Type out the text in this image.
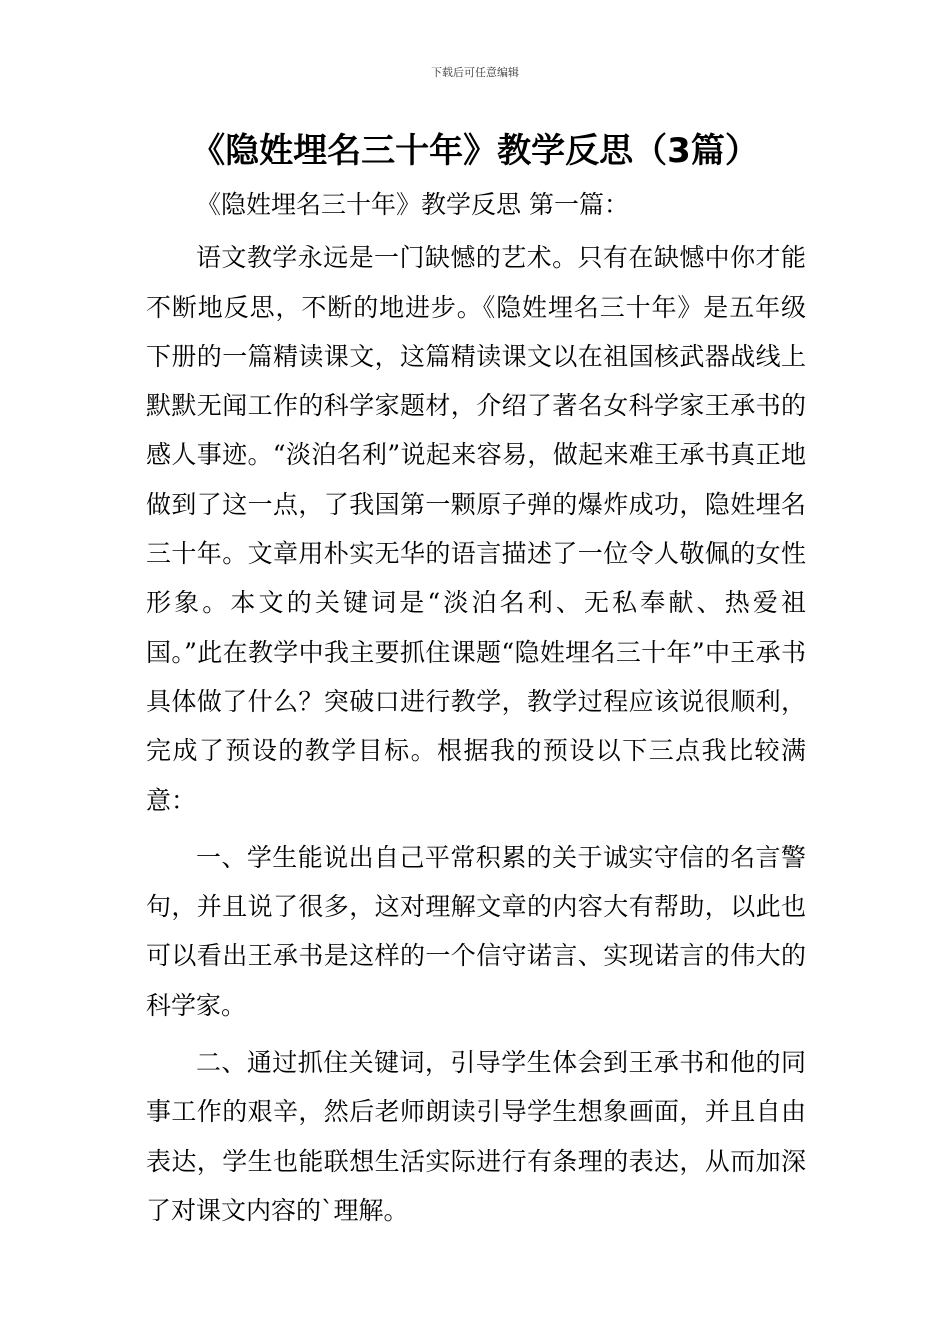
下载后可任意编辑
《隐姓埋名三十年》教学反思（3篇）

《隐姓埋名三十年》教学反思 第一篇：

语文教学永远是一门缺憾的艺术。只有在缺憾中你才能不断地反思，不断的地进步。《隐姓埋名三十年》是五年级下册的一篇精读课文，这篇精读课文以在祖国核武器战线上默默无闻工作的科学家题材，介绍了著名女科学家王承书的感人事迹。“淡泊名利”说起来容易，做起来难王承书真正地做到了这一点，了我国第一颗原子弹的爆炸成功，隐姓埋名三十年。文章用朴实无华的语言描述了一位令人敬佩的女性形象。本文的关键词是“淡泊名利、无私奉献、热爱祖国。”此在教学中我主要抓住课题“隐姓埋名三十年”中王承书具体做了什么？突破口进行教学，教学过程应该说很顺利，完成了预设的教学目标。根据我的预设以下三点我比较满意：

一、学生能说出自己平常积累的关于诚实守信的名言警句，并且说了很多，这对理解文章的内容大有帮助，以此也可以看出王承书是这样的一个信守诺言、实现诺言的伟大的科学家。

二、通过抓住关键词，引导学生体会到王承书和他的同事工作的艰辛，然后老师朗读引导学生想象画面，并且自由表达，学生也能联想生活实际进行有条理的表达，从而加深了对课文内容的`理解。
